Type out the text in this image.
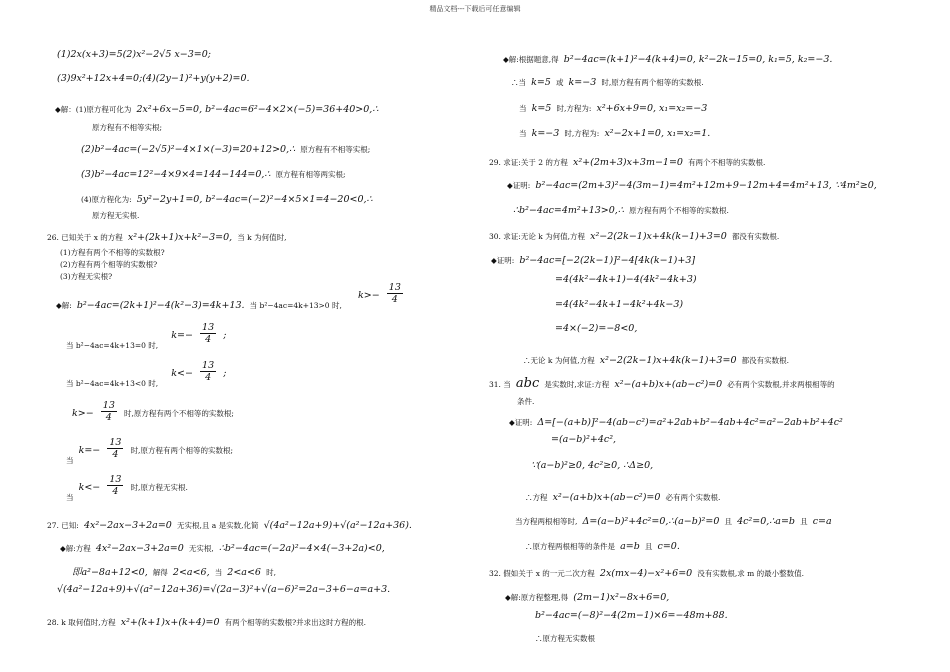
精品文档---下载后可任意编辑
(1)2x(x+3)=5(2)x²−2√5 x−3=0;
(3)9x²+12x+4=0;(4)(2y−1)²+y(y+2)=0.
◆解：(1)原方程可化为 2x²+6x−5=0, b²−4ac=6²−4×2×(−5)=36+40>0,∴
原方程有不相等实根;
(2)b²−4ac=(−2√5)²−4×1×(−3)=20+12>0,∴ 原方程有不相等实根;
(3)b²−4ac=12²−4×9×4=144−144=0,∴ 原方程有相等两实根;
(4)原方程化为: 5y²−2y+1=0, b²−4ac=(−2)²−4×5×1=4−20<0,∴
原方程无实根.
26. 已知关于 x 的方程 x²+(2k+1)x+k²−3=0, 当 k 为何值时,
(1)方程有两个不相等的实数根?
(2)方程有两个相等的实数根?
(3)方程无实根?
◆解: b²−4ac=(2k+1)²−4(k²−3)=4k+13. 当 b²−4ac=4k+13>0 时,
$k>- \frac{13}{4}$
$_{当 b^2-4ac=4k+13=0 时,}$ $k=- \frac{13}{4}$ ;
$_{当 b^2-4ac=4k+13<0 时,}$ $k<- \frac{13}{4}$ ;
$k>- \frac{13}{4}$ 时,原方程有两个不相等的实数根;
$_当$ $k=- \frac{13}{4}$ 时,原方程有两个相等的实数根;
$_当$ $k<- \frac{13}{4}$ 时,原方程无实根.
27. 已知: 4x²−2ax−3+2a=0 无实根,且 a 是实数,化简 √(4a²−12a+9)+√(a²−12a+36).
◆解:方程 4x²−2ax−3+2a=0 无实根, ∴b²−4ac=(−2a)²−4×4(−3+2a)<0,
即a²−8a+12<0, 解得 2<a<6, 当 2<a<6 时,
√(4a²−12a+9)+√(a²−12a+36)=√(2a−3)²+√(a−6)²=2a−3+6−a=a+3.
28. k 取何值时,方程 x²+(k+1)x+(k+4)=0 有两个相等的实数根?并求出这时方程的根.
◆解:根据题意,得 b²−4ac=(k+1)²−4(k+4)=0, k²−2k−15=0, k₁=5, k₂=−3.
∴当 k=5 或 k=−3 时,原方程有两个相等的实数根.
当 k=5 时,方程为: x²+6x+9=0, x₁=x₂=−3
当 k=−3 时,方程为: x²−2x+1=0, x₁=x₂=1.
29. 求证:关于 2 的方程 x²+(2m+3)x+3m−1=0 有两个不相等的实数根.
◆证明: b²−4ac=(2m+3)²−4(3m−1)=4m²+12m+9−12m+4=4m²+13, ∵4m²≥0,
∴b²−4ac=4m²+13>0,∴ 原方程有两个不相等的实数根.
30. 求证:无论 k 为何值,方程 x²−2(2k−1)x+4k(k−1)+3=0 都没有实数根.
◆证明: b²−4ac=[−2(2k−1)]²−4[4k(k−1)+3]
=4(4k²−4k+1)−4(4k²−4k+3)
=4(4k²−4k+1−4k²+4k−3)
=4×(−2)=−8<0,
∴无论 k 为何值,方程 x²−2(2k−1)x+4k(k−1)+3=0 都没有实数根.
31. 当 abc 是实数时,求证:方程 x²−(a+b)x+(ab−c²)=0 必有两个实数根,并求两根相等的
条件.
◆证明: Δ=[−(a+b)]²−4(ab−c²)=a²+2ab+b²−4ab+4c²=a²−2ab+b²+4c²
=(a−b)²+4c²,
∵(a−b)²≥0, 4c²≥0, ∴Δ≥0,
∴方程 x²−(a+b)x+(ab−c²)=0 必有两个实数根.
当方程两根相等时, Δ=(a−b)²+4c²=0,∴(a−b)²=0 且 4c²=0,∴a=b 且 c=a
∴原方程两根相等的条件是 a=b 且 c=0.
32. 假如关于 x 的一元二次方程 2x(mx−4)−x²+6=0 没有实数根,求 m 的最小整数值.
◆解:原方程整理,得 (2m−1)x²−8x+6=0,
b²−4ac=(−8)²−4(2m−1)×6=−48m+88.
∴原方程无实数根
